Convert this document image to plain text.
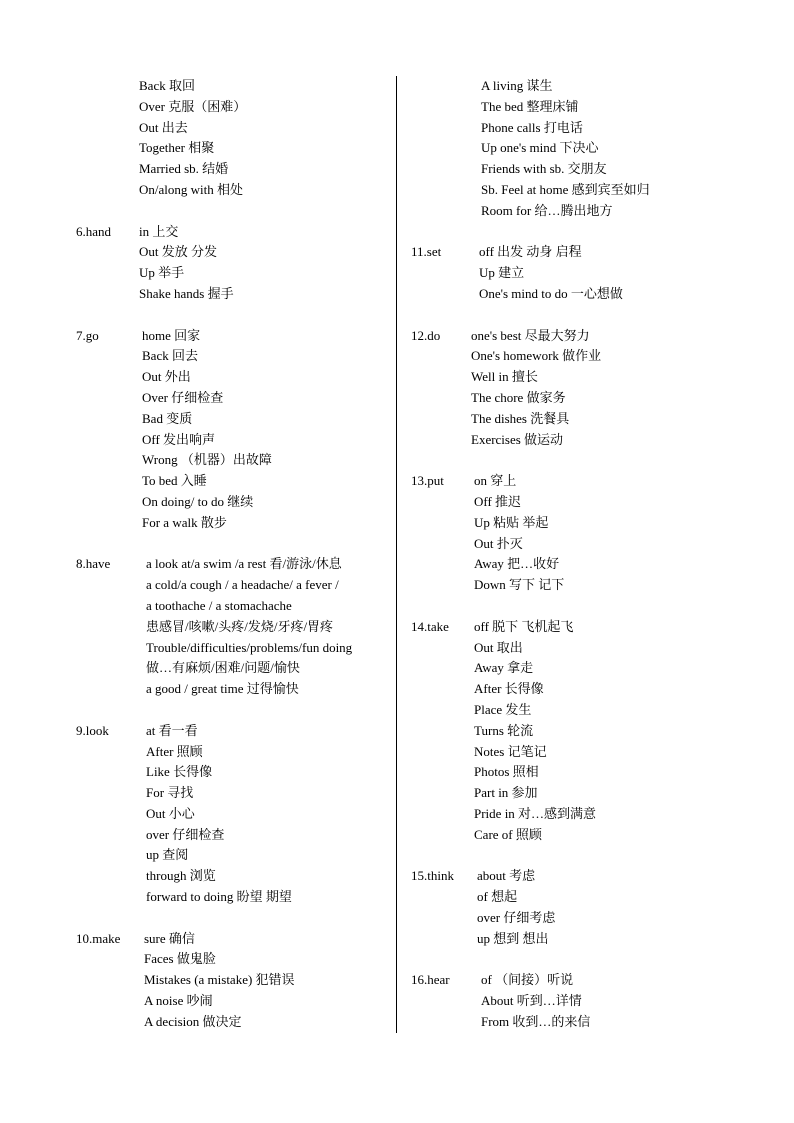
Back 取回
Over 克服（困难）
Out 出去
Together 相聚
Married sb. 结婚
On/along with 相处
6.hand	in 上交
Out 发放 分发
Up 举手
Shake hands 握手
7.go	home 回家
Back 回去
Out 外出
Over 仔细检查
Bad 变质
Off 发出响声
Wrong （机器）出故障
To bed 入睡
On doing/ to do 继续
For a walk 散步
8.have	a look at/a swim /a rest 看/游泳/休息
a cold/a cough / a headache/ a fever /
a toothache / a stomachache
患感冒/咳嗽/头疼/发烧/牙疼/胃疼
Trouble/difficulties/problems/fun doing
做…有麻烦/困难/问题/愉快
a good / great time 过得愉快
9.look	at 看一看
After 照顾
Like 长得像
For 寻找
Out 小心
over 仔细检查
up 查阅
through 浏览
forward to doing 盼望 期望
10.make	sure 确信
Faces 做鬼脸
Mistakes (a mistake) 犯错误
A noise 吵闹
A decision 做决定
A living 谋生
The bed 整理床铺
Phone calls 打电话
Up one's mind 下决心
Friends with sb. 交朋友
Sb. Feel at home 感到宾至如归
Room for 给…腾出地方
11.set	off 出发 动身 启程
Up 建立
One's mind to do 一心想做
12.do	one's best 尽最大努力
One's homework 做作业
Well in 擅长
The chore 做家务
The dishes 洗餐具
Exercises 做运动
13.put	on 穿上
Off 推迟
Up 粘贴 举起
Out 扑灭
Away 把…收好
Down 写下 记下
14.take	off 脱下 飞机起飞
Out 取出
Away 拿走
After 长得像
Place 发生
Turns 轮流
Notes 记笔记
Photos 照相
Part in 参加
Pride in 对…感到满意
Care of 照顾
15.think	about 考虑
of 想起
over 仔细考虑
up 想到 想出
16.hear	of （间接）听说
About 听到…详情
From 收到…的来信
